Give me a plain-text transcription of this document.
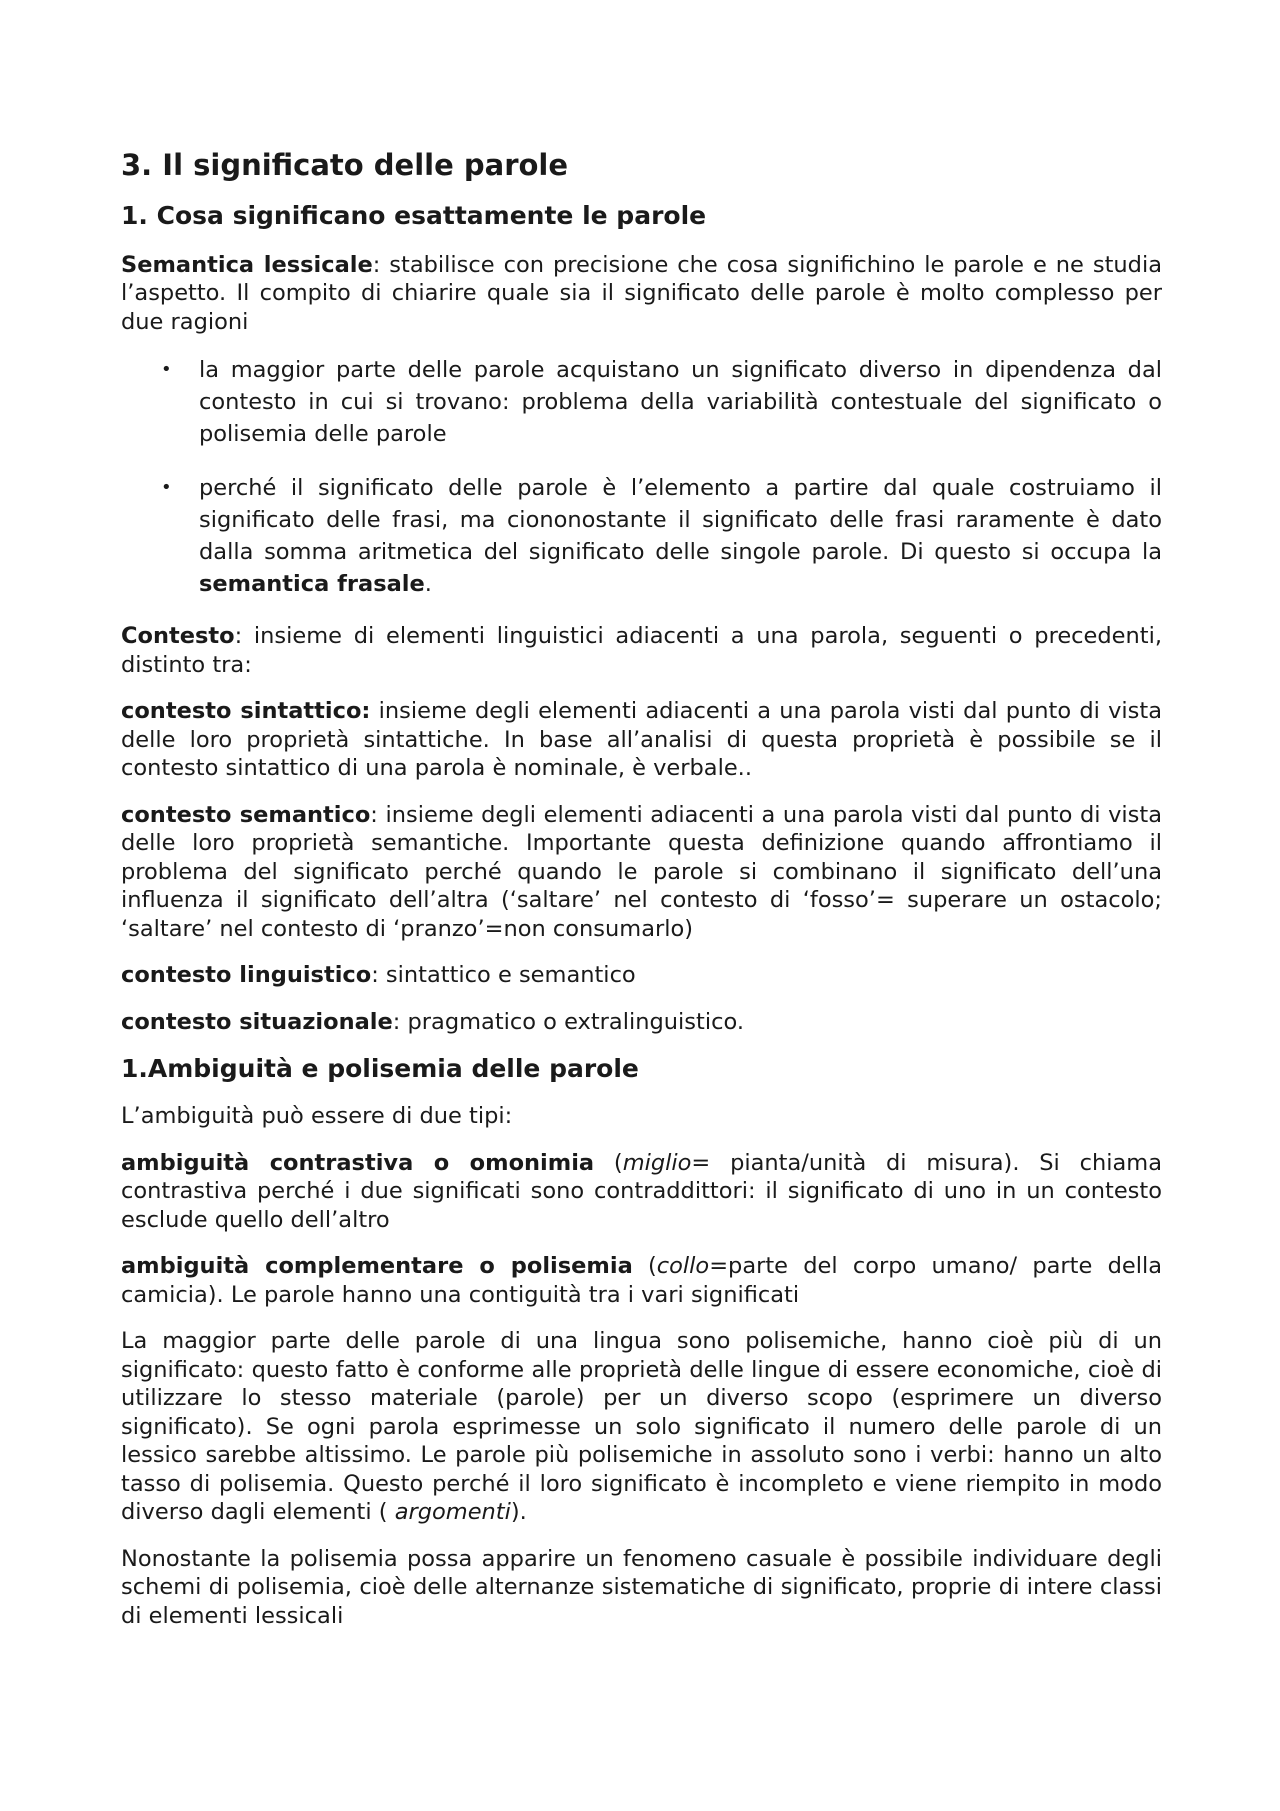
3. Il significato delle parole
1. Cosa significano esattamente le parole

Semantica lessicale: stabilisce con precisione che cosa significhino le parole e ne studia l’aspetto. Il compito di chiarire quale sia il significato delle parole è molto complesso per due ragioni

• la maggior parte delle parole acquistano un significato diverso in dipendenza dal contesto in cui si trovano: problema della variabilità contestuale del significato o polisemia delle parole
• perché il significato delle parole è l’elemento a partire dal quale costruiamo il significato delle frasi, ma ciononostante il significato delle frasi raramente è dato dalla somma aritmetica del significato delle singole parole. Di questo si occupa la semantica frasale.

Contesto: insieme di elementi linguistici adiacenti a una parola, seguenti o precedenti, distinto tra:

contesto sintattico: insieme degli elementi adiacenti a una parola visti dal punto di vista delle loro proprietà sintattiche. In base all’analisi di questa proprietà è possibile se il contesto sintattico di una parola è nominale, è verbale..

contesto semantico: insieme degli elementi adiacenti a una parola visti dal punto di vista delle loro proprietà semantiche. Importante questa definizione quando affrontiamo il problema del significato perché quando le parole si combinano il significato dell’una influenza il significato dell’altra (‘saltare’ nel contesto di ‘fosso’= superare un ostacolo; ‘saltare’ nel contesto di ‘pranzo’=non consumarlo)

contesto linguistico: sintattico e semantico

contesto situazionale: pragmatico o extralinguistico.

1.Ambiguità e polisemia delle parole

L’ambiguità può essere di due tipi:

ambiguità contrastiva o omonimia (miglio= pianta/unità di misura). Si chiama contrastiva perché i due significati sono contraddittori: il significato di uno in un contesto esclude quello dell’altro

ambiguità complementare o polisemia (collo=parte del corpo umano/ parte della camicia). Le parole hanno una contiguità tra i vari significati

La maggior parte delle parole di una lingua sono polisemiche, hanno cioè più di un significato: questo fatto è conforme alle proprietà delle lingue di essere economiche, cioè di utilizzare lo stesso materiale (parole) per un diverso scopo (esprimere un diverso significato). Se ogni parola esprimesse un solo significato il numero delle parole di un lessico sarebbe altissimo. Le parole più polisemiche in assoluto sono i verbi: hanno un alto tasso di polisemia. Questo perché il loro significato è incompleto e viene riempito in modo diverso dagli elementi ( argomenti).

Nonostante la polisemia possa apparire un fenomeno casuale è possibile individuare degli schemi di polisemia, cioè delle alternanze sistematiche di significato, proprie di intere classi di elementi lessicali
